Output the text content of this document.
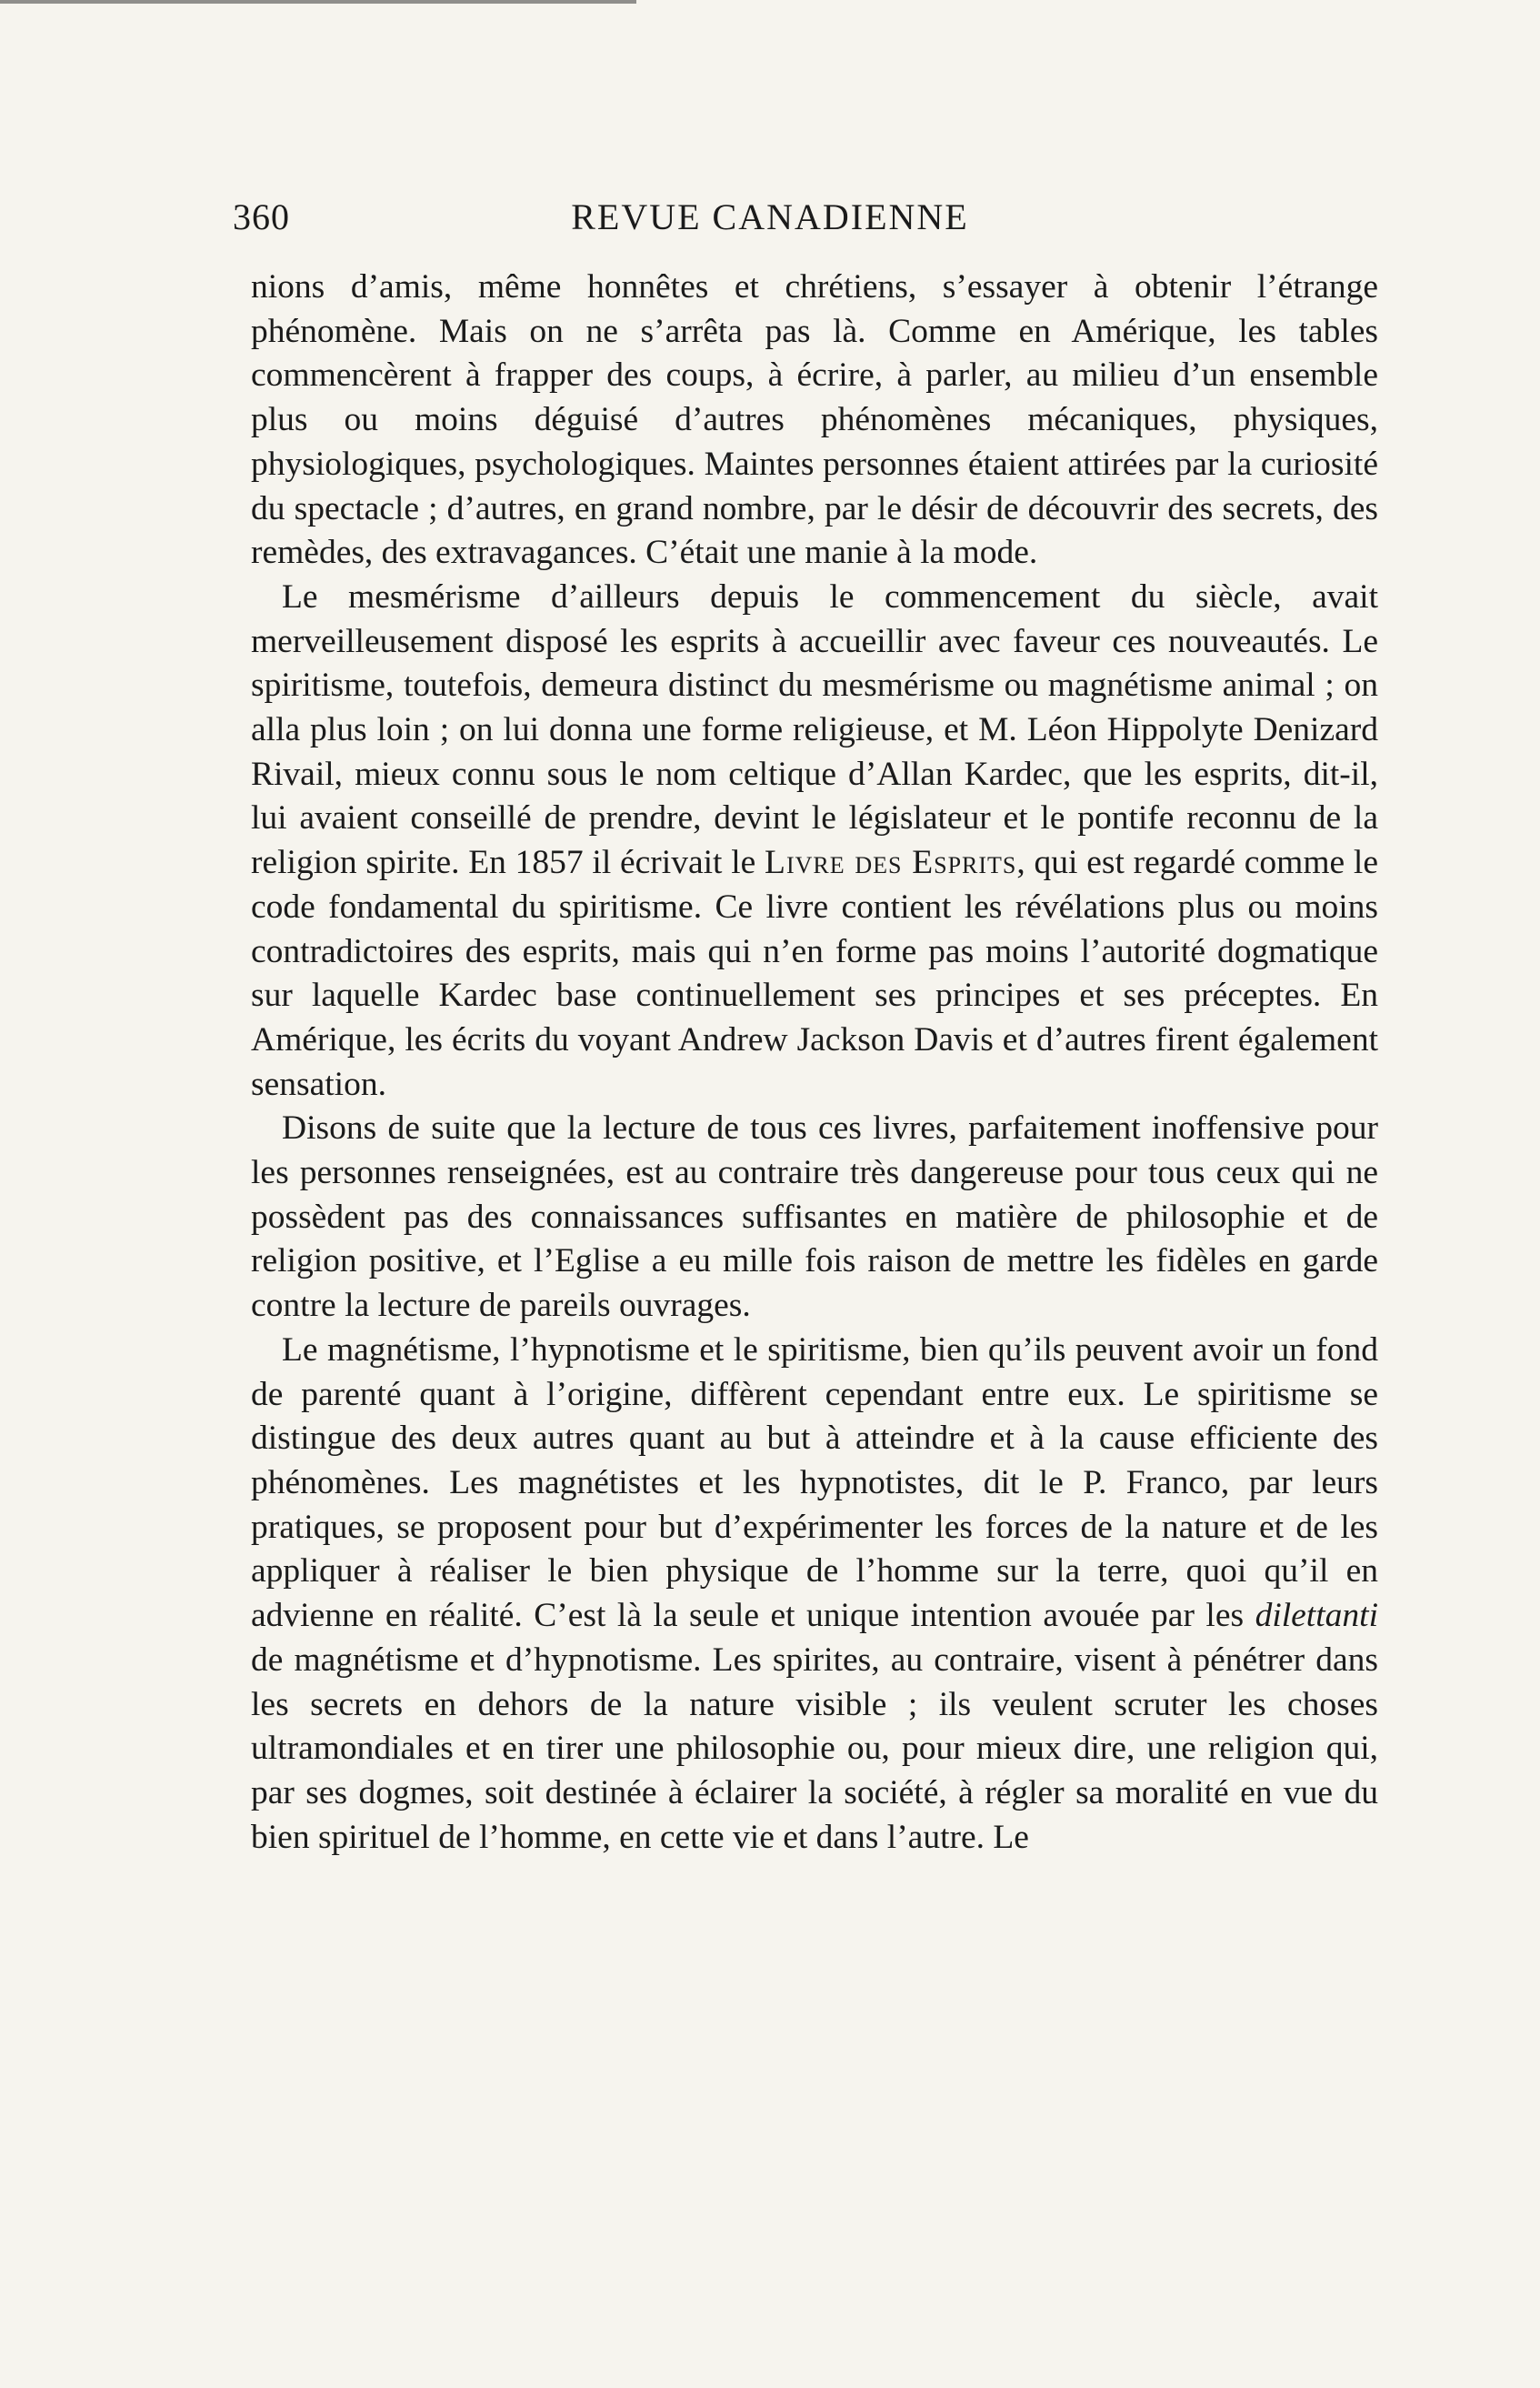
360	REVUE CANADIENNE

nions d’amis, même honnêtes et chrétiens, s’essayer à obtenir l’étrange phénomène. Mais on ne s’arrêta pas là. Comme en Amérique, les tables commencèrent à frapper des coups, à écrire, à parler, au milieu d’un ensemble plus ou moins déguisé d’autres phénomènes mécaniques, physiques, physiologiques, psychologiques. Maintes personnes étaient attirées par la curiosité du spectacle ; d’autres, en grand nombre, par le désir de découvrir des secrets, des remèdes, des extravagances. C’était une manie à la mode.

Le mesmérisme d’ailleurs depuis le commencement du siècle, avait merveilleusement disposé les esprits à accueillir avec faveur ces nouveautés. Le spiritisme, toutefois, demeura distinct du mesmérisme ou magnétisme animal ; on alla plus loin ; on lui donna une forme religieuse, et M. Léon Hippolyte Denizard Rivail, mieux connu sous le nom celtique d’Allan Kardec, que les esprits, dit-il, lui avaient conseillé de prendre, devint le législateur et le pontife reconnu de la religion spirite. En 1857 il écrivait le Livre des Esprits, qui est regardé comme le code fondamental du spiritisme. Ce livre contient les révélations plus ou moins contradictoires des esprits, mais qui n’en forme pas moins l’autorité dogmatique sur laquelle Kardec base continuellement ses principes et ses préceptes. En Amérique, les écrits du voyant Andrew Jackson Davis et d’autres firent également sensation.

Disons de suite que la lecture de tous ces livres, parfaitement inoffensive pour les personnes renseignées, est au contraire très dangereuse pour tous ceux qui ne possèdent pas des connaissances suffisantes en matière de philosophie et de religion positive, et l’Eglise a eu mille fois raison de mettre les fidèles en garde contre la lecture de pareils ouvrages.

Le magnétisme, l’hypnotisme et le spiritisme, bien qu’ils peuvent avoir un fond de parenté quant à l’origine, diffèrent cependant entre eux. Le spiritisme se distingue des deux autres quant au but à atteindre et à la cause efficiente des phénomènes. Les magnétistes et les hypnotistes, dit le P. Franco, par leurs pratiques, se proposent pour but d’expérimenter les forces de la nature et de les appliquer à réaliser le bien physique de l’homme sur la terre, quoi qu’il en advienne en réalité. C’est là la seule et unique intention avouée par les dilettanti de magnétisme et d’hypnotisme. Les spirites, au contraire, visent à pénétrer dans les secrets en dehors de la nature visible ; ils veulent scruter les choses ultramondiales et en tirer une philosophie ou, pour mieux dire, une religion qui, par ses dogmes, soit destinée à éclairer la société, à régler sa moralité en vue du bien spirituel de l’homme, en cette vie et dans l’autre. Le
